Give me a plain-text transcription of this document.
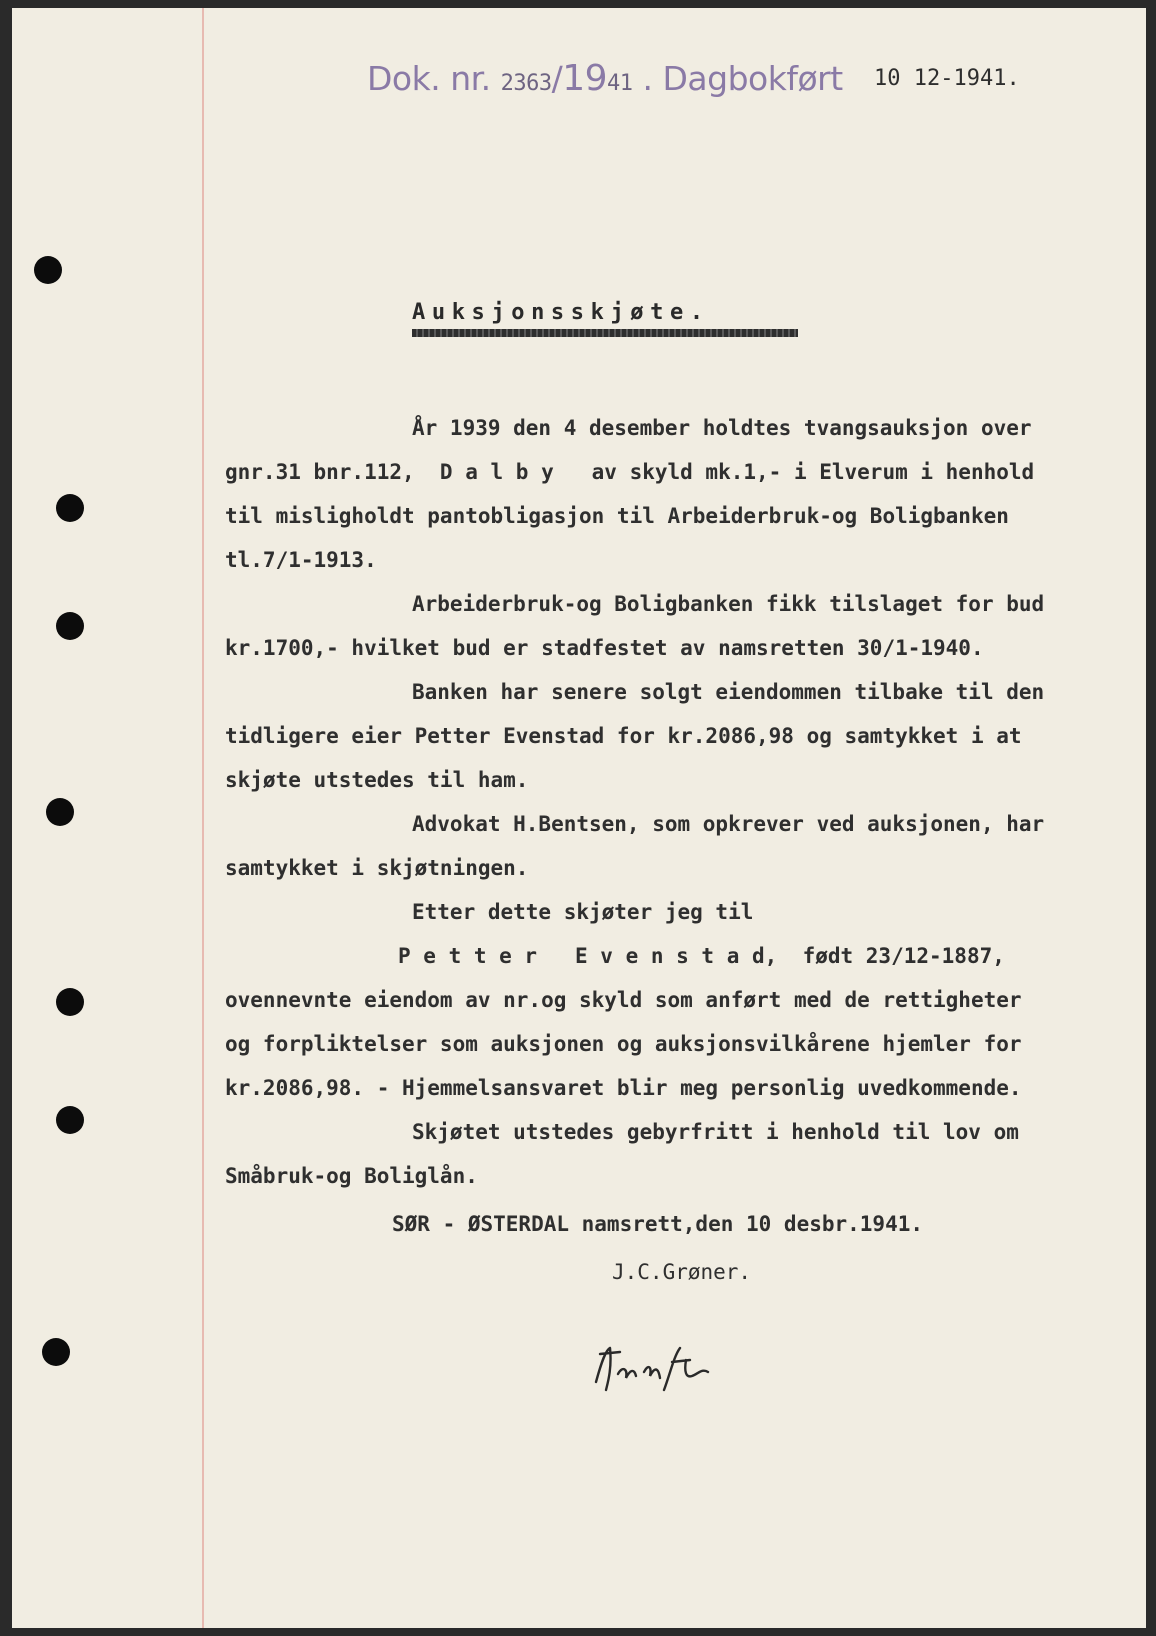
Dok. nr. 2363/1941 . Dagbokført 10 12-1941.
Auksjonsskjøte.
År 1939 den 4 desember holdtes tvangsauksjon over
gnr.31 bnr.112,  D a l b y   av skyld mk.1,- i Elverum i henhold
til misligholdt pantobligasjon til Arbeiderbruk-og Boligbanken
tl.7/1-1913.
Arbeiderbruk-og Boligbanken fikk tilslaget for bud
kr.1700,- hvilket bud er stadfestet av namsretten 30/1-1940.
Banken har senere solgt eiendommen tilbake til den
tidligere eier Petter Evenstad for kr.2086,98 og samtykket i at
skjøte utstedes til ham.
Advokat H.Bentsen, som opkrever ved auksjonen, har
samtykket i skjøtningen.
Etter dette skjøter jeg til
P e t t e r   E v e n s t a d,  født 23/12-1887,
ovennevnte eiendom av nr.og skyld som anført med de rettigheter
og forpliktelser som auksjonen og auksjonsvilkårene hjemler for
kr.2086,98. - Hjemmelsansvaret blir meg personlig uvedkommende.
Skjøtet utstedes gebyrfritt i henhold til lov om
Småbruk-og Boliglån.
SØR - ØSTERDAL namsrett,den 10 desbr.1941.
J.C.Grøner.
